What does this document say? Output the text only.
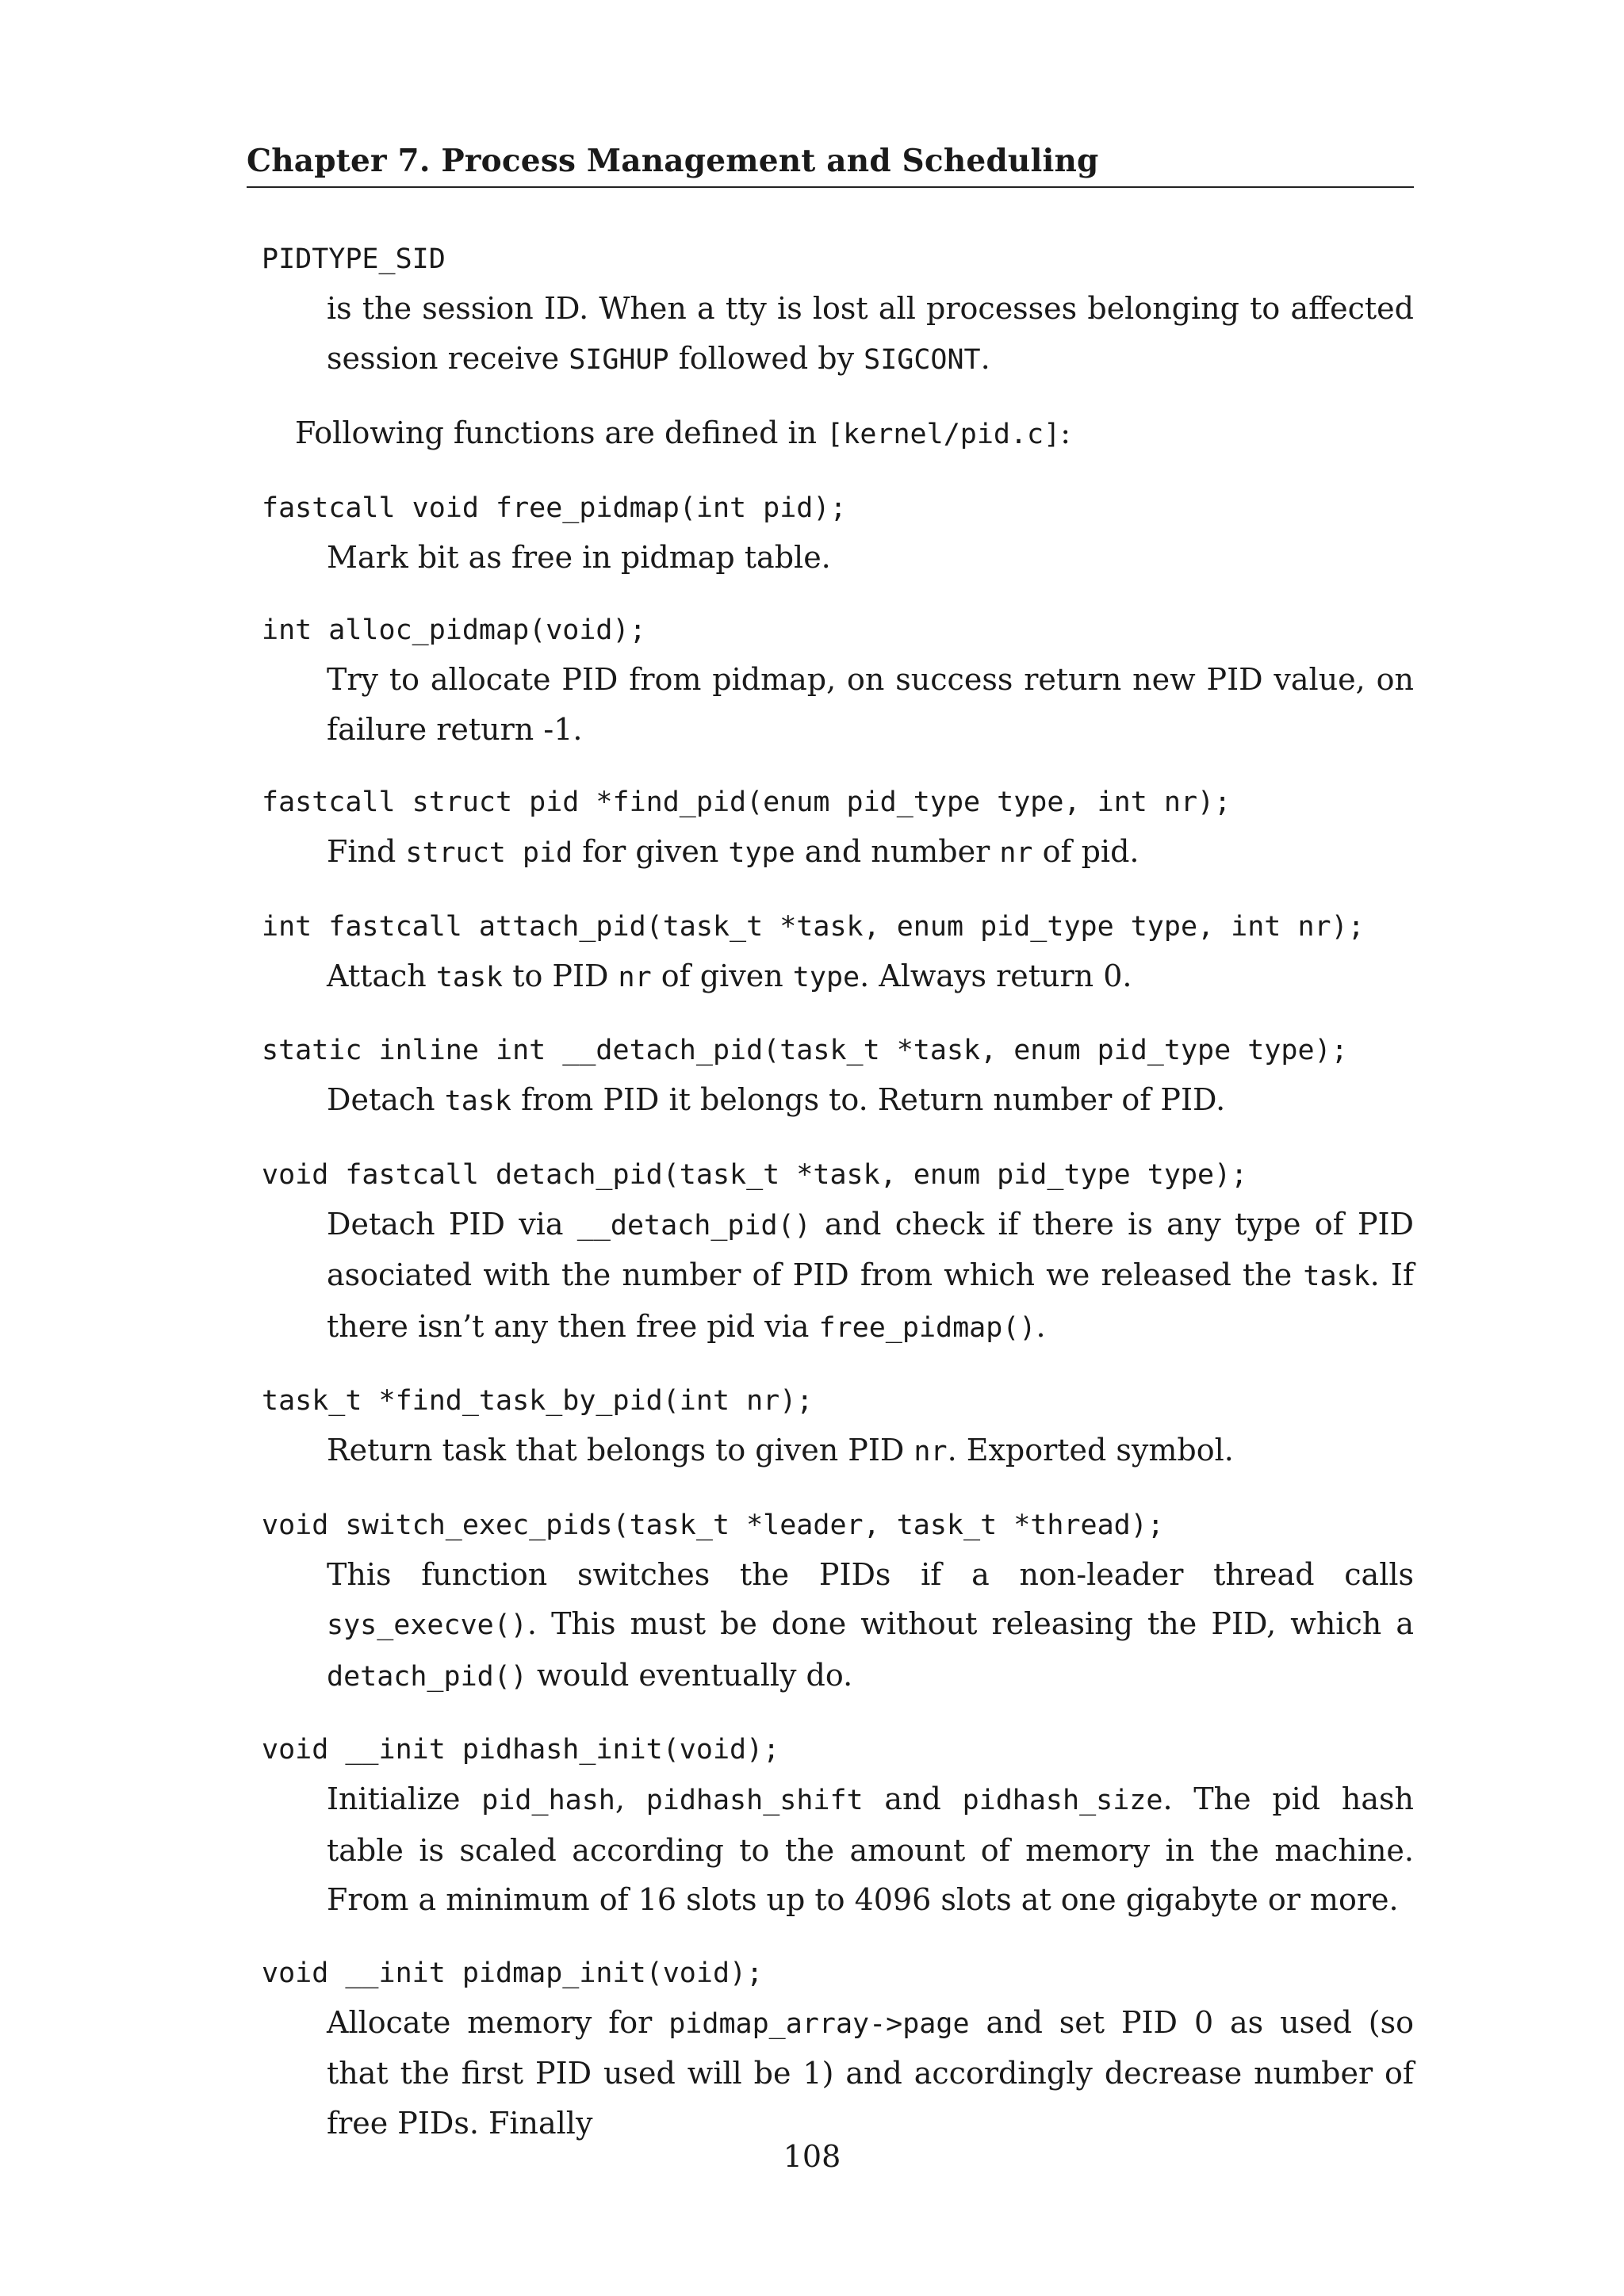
Chapter 7. Process Management and Scheduling
PIDTYPE_SID
is the session ID. When a tty is lost all processes belonging to affected session receive SIGHUP followed by SIGCONT.
Following functions are defined in [kernel/pid.c]:
fastcall void free_pidmap(int pid);
Mark bit as free in pidmap table.
int alloc_pidmap(void);
Try to allocate PID from pidmap, on success return new PID value, on failure return -1.
fastcall struct pid *find_pid(enum pid_type type, int nr);
Find struct pid for given type and number nr of pid.
int fastcall attach_pid(task_t *task, enum pid_type type, int nr);
Attach task to PID nr of given type. Always return 0.
static inline int __detach_pid(task_t *task, enum pid_type type);
Detach task from PID it belongs to. Return number of PID.
void fastcall detach_pid(task_t *task, enum pid_type type);
Detach PID via __detach_pid() and check if there is any type of PID asociated with the number of PID from which we released the task. If there isn’t any then free pid via free_pidmap().
task_t *find_task_by_pid(int nr);
Return task that belongs to given PID nr. Exported symbol.
void switch_exec_pids(task_t *leader, task_t *thread);
This function switches the PIDs if a non-leader thread calls sys_execve(). This must be done without releasing the PID, which a detach_pid() would eventually do.
void __init pidhash_init(void);
Initialize pid_hash, pidhash_shift and pidhash_size. The pid hash table is scaled according to the amount of memory in the machine. From a minimum of 16 slots up to 4096 slots at one gigabyte or more.
void __init pidmap_init(void);
Allocate memory for pidmap_array->page and set PID 0 as used (so that the first PID used will be 1) and accordingly decrease number of free PIDs. Finally
108
